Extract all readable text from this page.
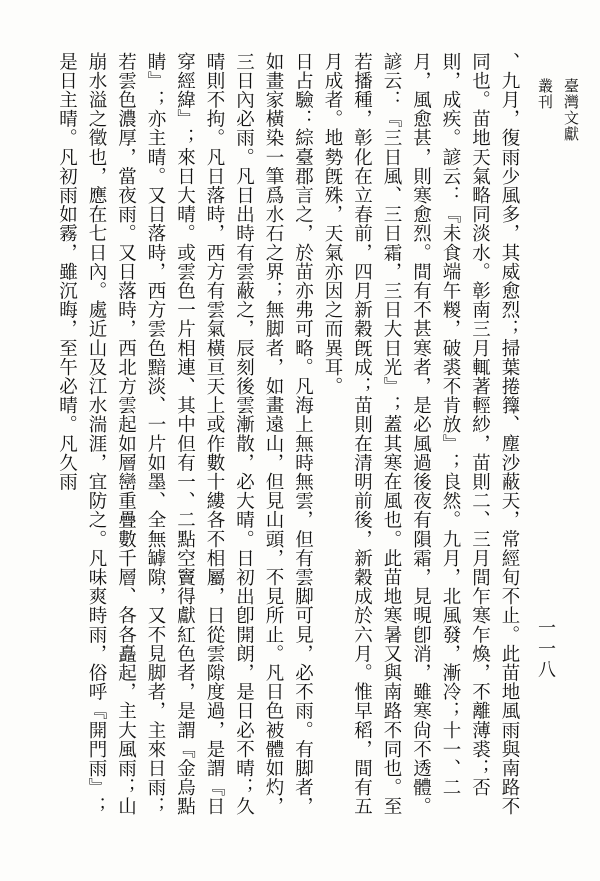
臺灣文獻叢刊
一一八

、九月，復雨少風多，其威愈烈；掃葉捲籜、塵沙蔽天，常經旬不止。此苗地風雨與南路不同也。苗地天氣略同淡水。彰南三月輒著輕紗，苗則二、三月間乍寒乍煥，不離薄裘；否則，成疾。諺云：『未食端午糉，破裘不肯放』；良然。九月，北風發，漸冷；十一、二月，風愈甚，則寒愈烈。間有不甚寒者，是必風過後夜有隕霜，見晛卽消，雖寒尙不透體。諺云：『三日風、三日霜，三日大日光』；蓋其寒在風也。此苗地寒暑又與南路不同也。至若播種，彰化在立春前，四月新穀旣成；苗則在清明前後，新穀成於六月。惟早稻，間有五月成者。地勢旣殊，天氣亦因之而異耳。

日占驗：綜臺郡言之，於苗亦弗可略。凡海上無時無雲，但有雲脚可見，必不雨。有脚者，如畫家橫染一筆爲水石之界；無脚者，如畫遠山，但見山頭，不見所止。凡日色被體如灼，三日內必雨。凡日出時有雲蔽之，辰刻後雲漸散，必大晴。日初出卽開朗，是日必不晴；久晴則不拘。凡日落時，西方有雲氣橫亘天上或作數十縷各不相屬，日從雲隙度過，是謂『日穿經緯』；來日大晴。或雲色一片相連、其中但有一、二點空竇得獻紅色者，是謂『金烏點睛』；亦主晴。又日落時，西方雲色黯淡、一片如墨、全無罅隙，又不見脚者，主來日雨；若雲色濃厚，當夜雨。又日落時，西北方雲起如層巒重疊數千層、各各矗起，主大風雨；山崩水溢之徵也，應在七日內。處近山及江水湍涯，宜防之。凡味爽時雨，俗呼『開門雨』；是日主晴。凡初雨如霧，雖沉晦，至午必晴。凡久雨
